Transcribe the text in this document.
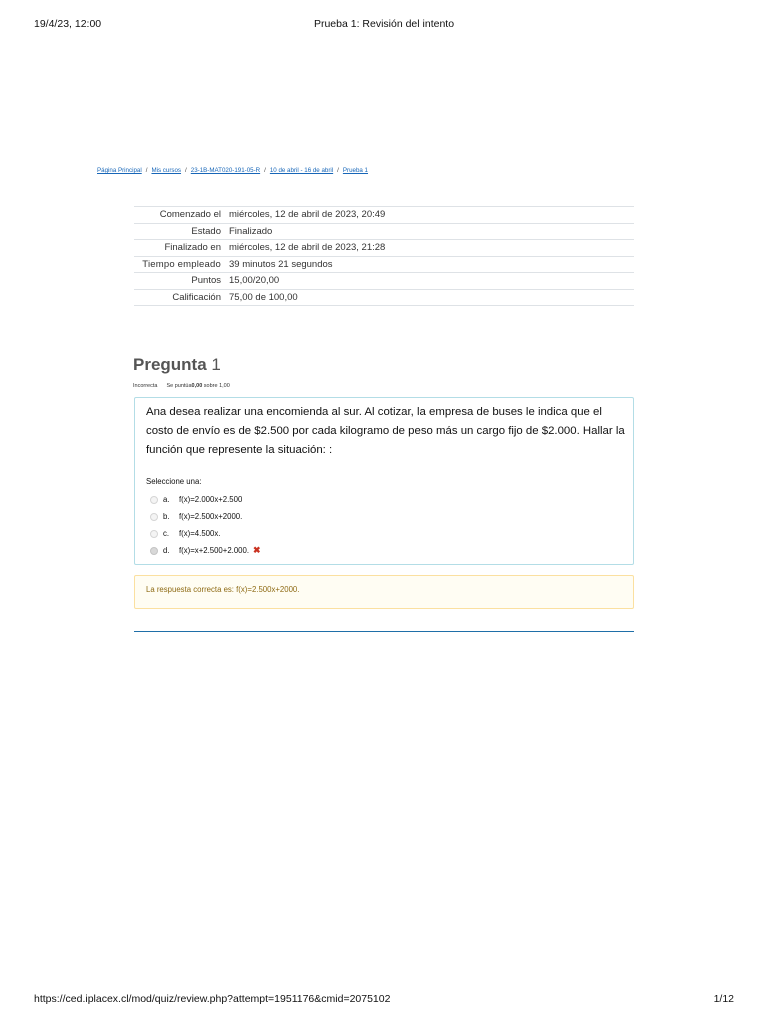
19/4/23, 12:00	Prueba 1: Revisión del intento
Página Principal / Mis cursos / 23-1B-MAT020-191-05-R / 10 de abril - 16 de abril / Prueba 1
Comenzado el	miércoles, 12 de abril de 2023, 20:49
Estado	Finalizado
Finalizado en	miércoles, 12 de abril de 2023, 21:28
Tiempo empleado	39 minutos 21 segundos
Puntos	15,00/20,00
Calificación	75,00 de 100,00
Pregunta 1
Incorrecta Se puntúa0,00 sobre 1,00
Ana desea realizar una encomienda al sur. Al cotizar, la empresa de buses le indica que el costo de envío es de $2.500 por cada kilogramo de peso más un cargo fijo de $2.000. Hallar la función que represente la situación: :
Seleccione una:
a.	f(x)=2.000x+2.500
b.	f(x)=2.500x+2000.
c.	f(x)=4.500x.
d.	f(x)=x+2.500+2.000. ✖
La respuesta correcta es: f(x)=2.500x+2000.
https://ced.iplacex.cl/mod/quiz/review.php?attempt=1951176&cmid=2075102	1/12
